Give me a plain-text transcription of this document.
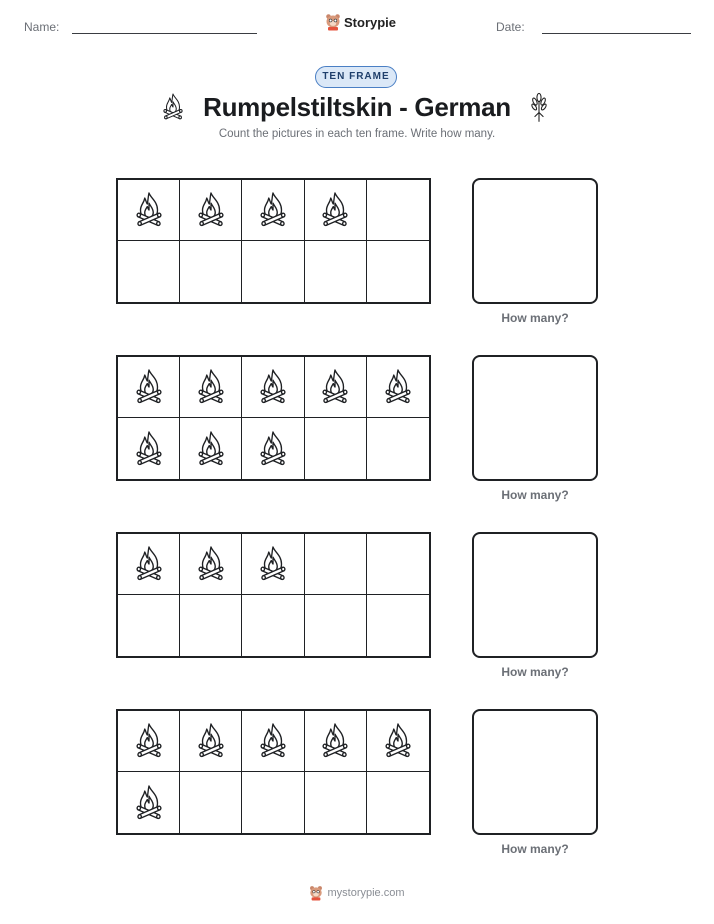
Name:	Storypie	Date:
TEN FRAME
Rumpelstiltskin - German
Count the pictures in each ten frame. Write how many.
How many?
How many?
How many?
How many?
mystorypie.com
